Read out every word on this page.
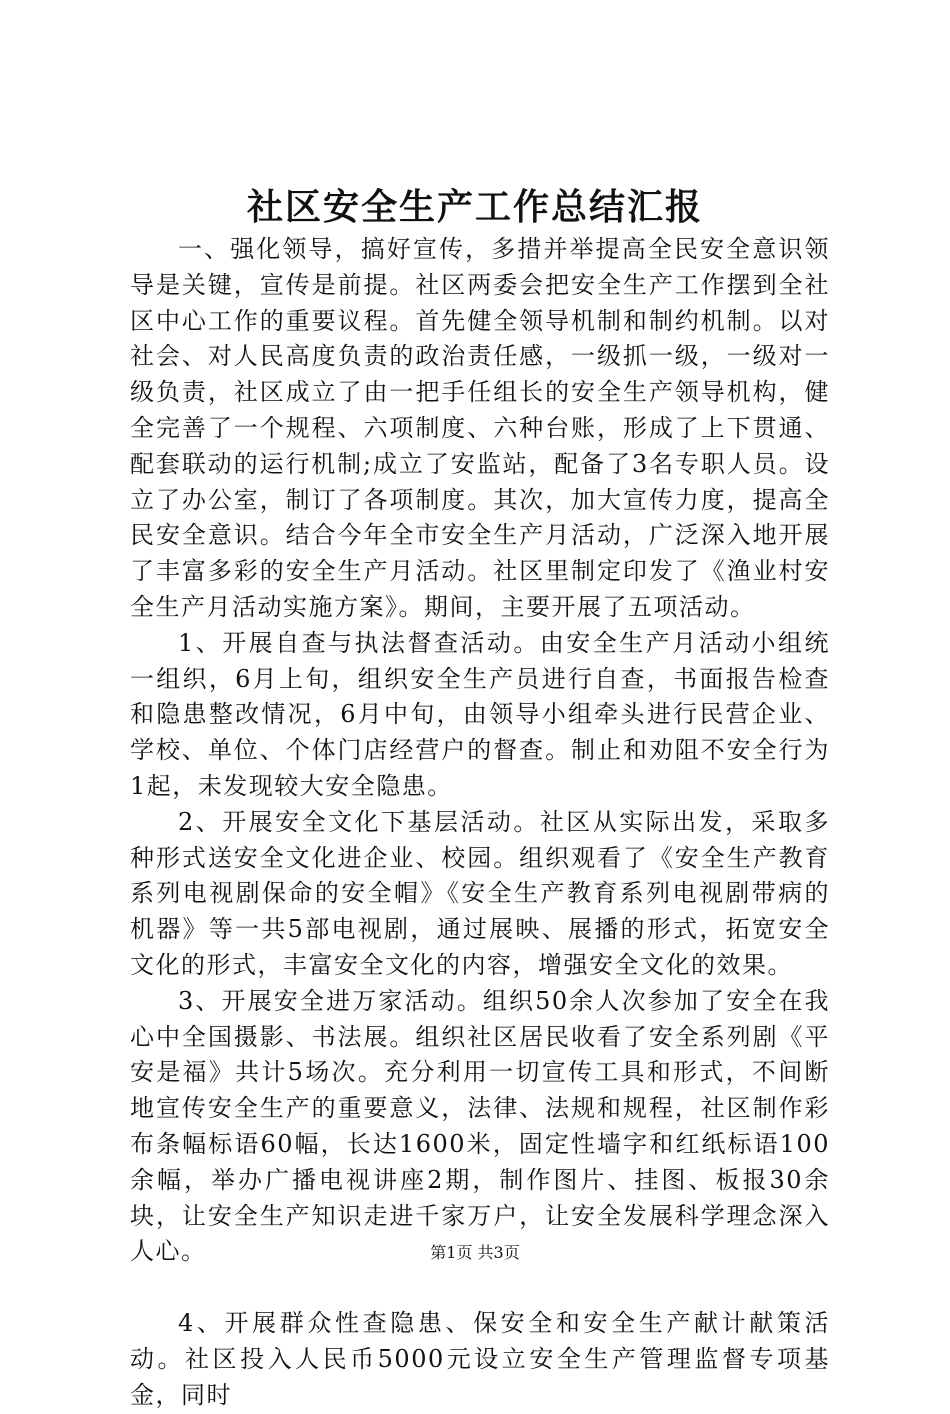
社区安全生产工作总结汇报

一、强化领导，搞好宣传，多措并举提高全民安全意识领导是关键，宣传是前提。社区两委会把安全生产工作摆到全社区中心工作的重要议程。首先健全领导机制和制约机制。以对社会、对人民高度负责的政治责任感，一级抓一级，一级对一级负责，社区成立了由一把手任组长的安全生产领导机构，健全完善了一个规程、六项制度、六种台账，形成了上下贯通、配套联动的运行机制;成立了安监站，配备了3名专职人员。设立了办公室，制订了各项制度。其次，加大宣传力度，提高全民安全意识。结合今年全市安全生产月活动，广泛深入地开展了丰富多彩的安全生产月活动。社区里制定印发了《渔业村安全生产月活动实施方案》。期间，主要开展了五项活动。

1、开展自查与执法督查活动。由安全生产月活动小组统一组织，6月上旬，组织安全生产员进行自查，书面报告检查和隐患整改情况，6月中旬，由领导小组牵头进行民营企业、学校、单位、个体门店经营户的督查。制止和劝阻不安全行为1起，未发现较大安全隐患。

2、开展安全文化下基层活动。社区从实际出发，采取多种形式送安全文化进企业、校园。组织观看了《安全生产教育系列电视剧保命的安全帽》《安全生产教育系列电视剧带病的机器》等一共5部电视剧，通过展映、展播的形式，拓宽安全文化的形式，丰富安全文化的内容，增强安全文化的效果。

3、开展安全进万家活动。组织50余人次参加了安全在我心中全国摄影、书法展。组织社区居民收看了安全系列剧《平安是福》共计5场次。充分利用一切宣传工具和形式，不间断地宣传安全生产的重要意义，法律、法规和规程，社区制作彩布条幅标语60幅，长达1600米，固定性墙字和红纸标语100余幅，举办广播电视讲座2期，制作图片、挂图、板报30余块，让安全生产知识走进千家万户，让安全发展科学理念深入人心。

4、开展群众性查隐患、保安全和安全生产献计献策活动。社区投入人民币5000元设立安全生产管理监督专项基金，同时

第1页 共3页
